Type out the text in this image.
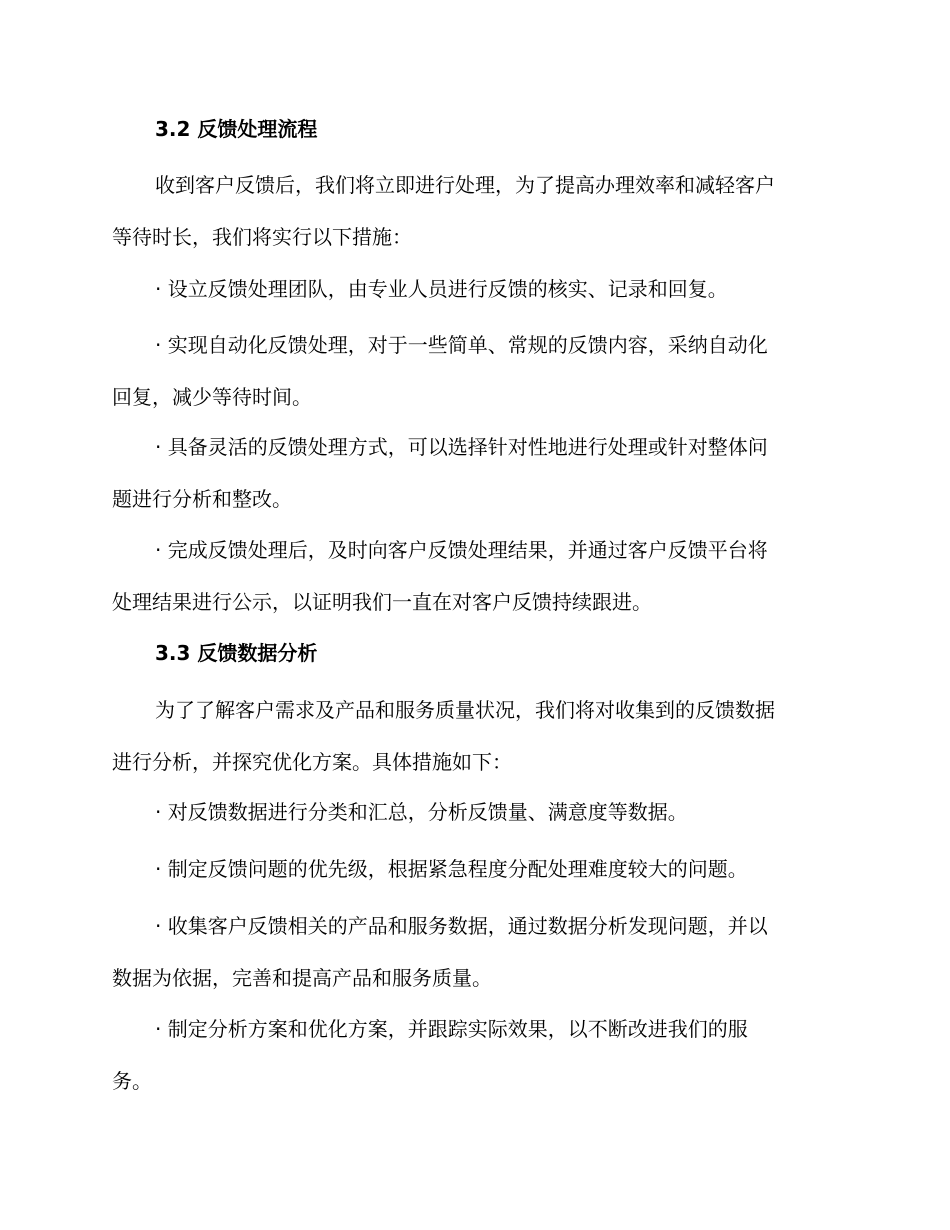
3.2 反馈处理流程
收到客户反馈后，我们将立即进行处理，为了提高办理效率和减轻客户
等待时长，我们将实行以下措施：
· 设立反馈处理团队，由专业人员进行反馈的核实、记录和回复。
· 实现自动化反馈处理，对于一些简单、常规的反馈内容，采纳自动化
回复，减少等待时间。
· 具备灵活的反馈处理方式，可以选择针对性地进行处理或针对整体问
题进行分析和整改。
· 完成反馈处理后，及时向客户反馈处理结果，并通过客户反馈平台将
处理结果进行公示，以证明我们一直在对客户反馈持续跟进。
3.3 反馈数据分析
为了了解客户需求及产品和服务质量状况，我们将对收集到的反馈数据
进行分析，并探究优化方案。具体措施如下：
· 对反馈数据进行分类和汇总，分析反馈量、满意度等数据。
· 制定反馈问题的优先级，根据紧急程度分配处理难度较大的问题。
· 收集客户反馈相关的产品和服务数据，通过数据分析发现问题，并以
数据为依据，完善和提高产品和服务质量。
· 制定分析方案和优化方案，并跟踪实际效果，以不断改进我们的服
务。
